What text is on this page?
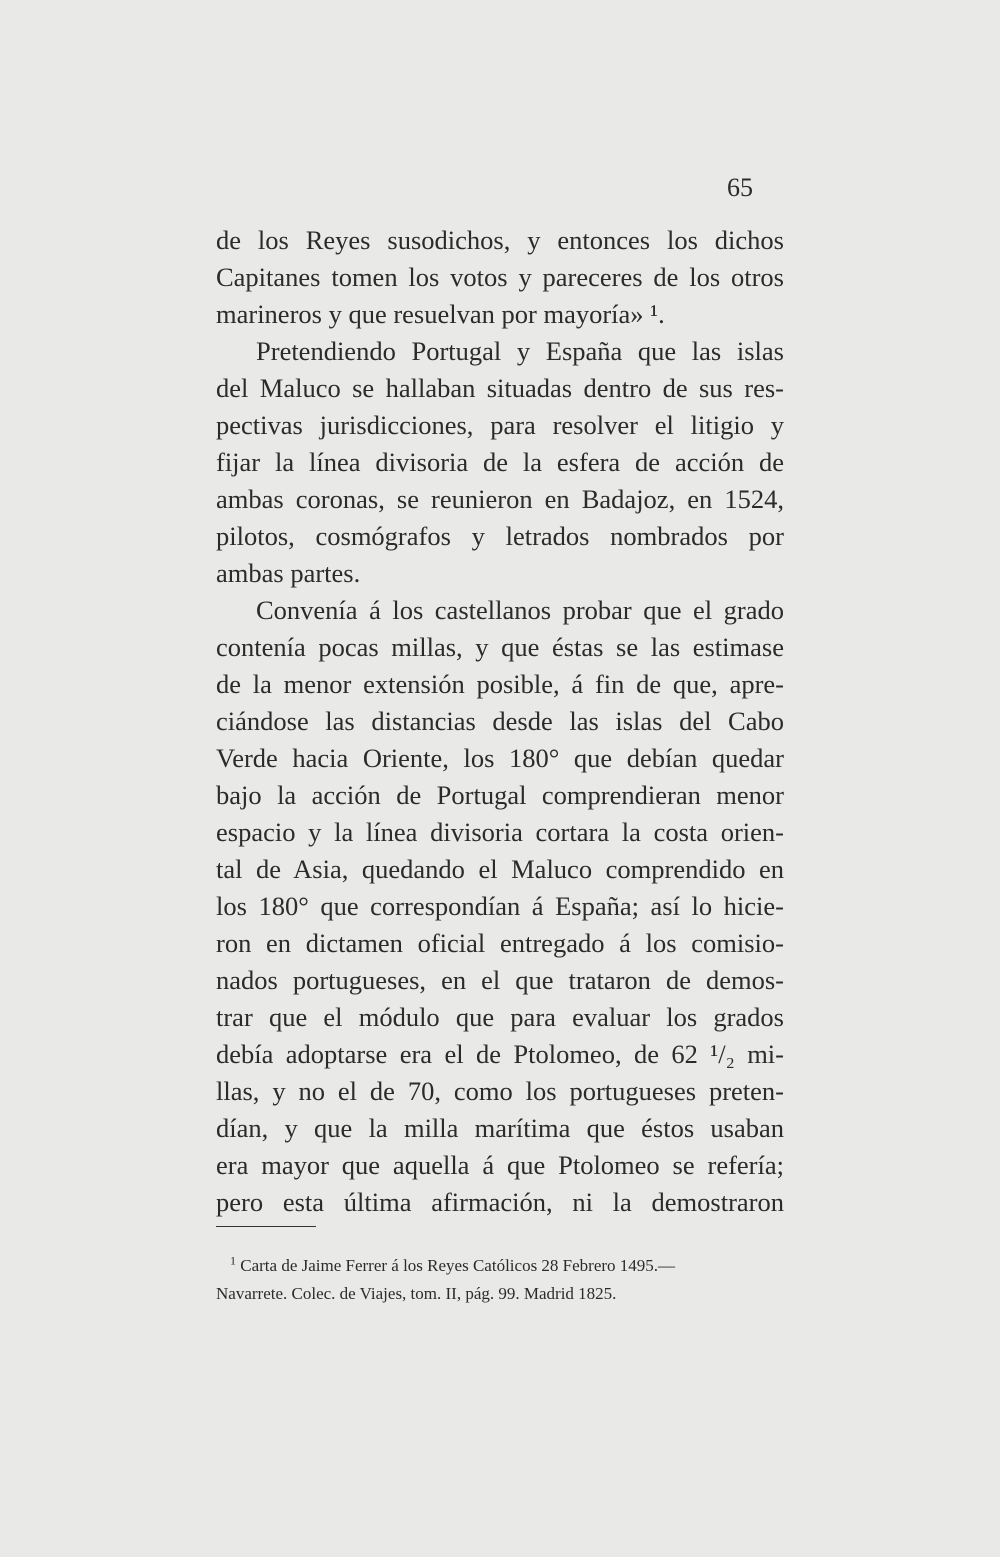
65
de los Reyes susodichos, y entonces los dichos
Capitanes tomen los votos y pareceres de los otros
marineros y que resuelvan por mayoría» ¹.
Pretendiendo Portugal y España que las islas
del Maluco se hallaban situadas dentro de sus res-
pectivas jurisdicciones, para resolver el litigio y
fijar la línea divisoria de la esfera de acción de
ambas coronas, se reunieron en Badajoz, en 1524,
pilotos, cosmógrafos y letrados nombrados por
ambas partes.
Convenía á los castellanos probar que el grado
contenía pocas millas, y que éstas se las estimase
de la menor extensión posible, á fin de que, apre-
ciándose las distancias desde las islas del Cabo
Verde hacia Oriente, los 180° que debían quedar
bajo la acción de Portugal comprendieran menor
espacio y la línea divisoria cortara la costa orien-
tal de Asia, quedando el Maluco comprendido en
los 180° que correspondían á España; así lo hicie-
ron en dictamen oficial entregado á los comisio-
nados portugueses, en el que trataron de demos-
trar que el módulo que para evaluar los grados
debía adoptarse era el de Ptolomeo, de 62 ¹/₂ mi-
llas, y no el de 70, como los portugueses preten-
dían, y que la milla marítima que éstos usaban
era mayor que aquella á que Ptolomeo se refería;
pero esta última afirmación, ni la demostraron
$^1$ Carta de Jaime Ferrer á los Reyes Católicos 28 Febrero 1495.—
Navarrete. Colec. de Viajes, tom. II, pág. 99. Madrid 1825.
